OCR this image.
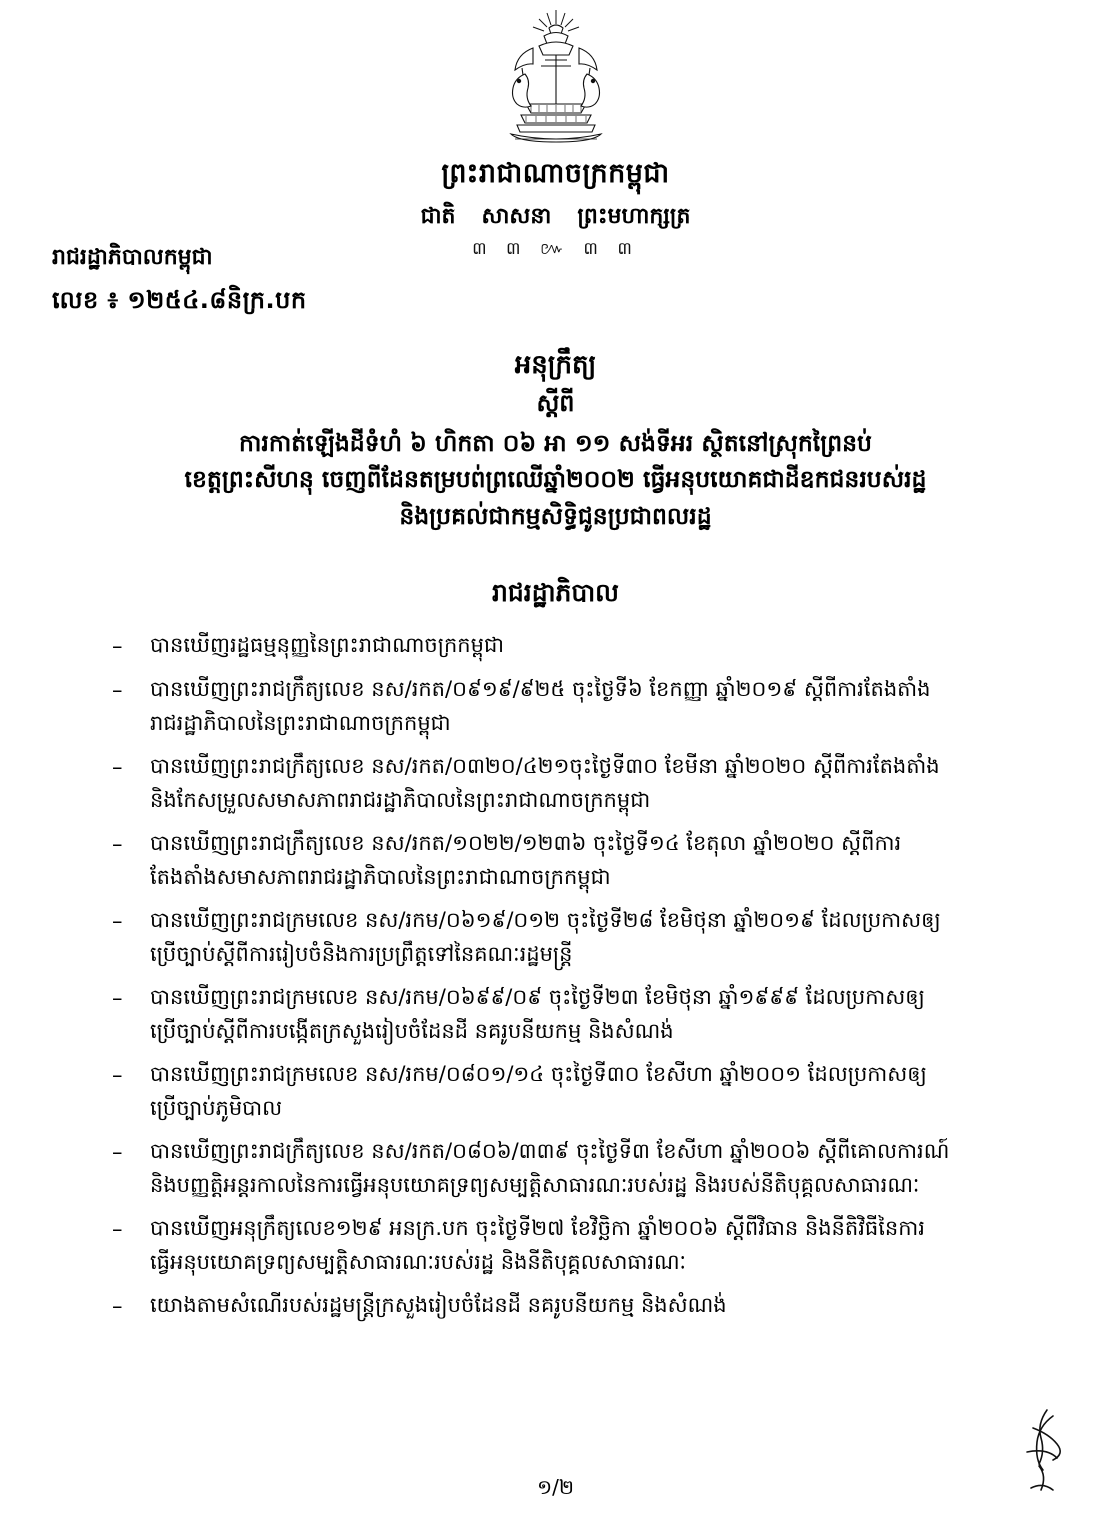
ព្រះរាជាណាចក្រកម្ពុជា
ជាតិ សាសនា ព្រះមហាក្សត្រ
៣ ៣ ៚ ៣ ៣
រាជរដ្ឋាភិបាលកម្ពុជា
លេខ ៖ ១២៥៤.៨និក្រ.បក
អនុក្រឹត្យ
ស្ដីពី
ការកាត់ឡេីងដីទំហំ ៦ ហិកតា ០៦ អា ១១ សង់ទីអរ ស្ថិតនៅស្រុកព្រៃនប់
ខេត្តព្រះសីហនុ ចេញពីដែនតម្របព់ព្រឈេីឆ្នាំ២០០២ ធ្វេីអនុបយោគជាដីឧកជនរបស់រដ្ឋ
និងប្រគល់ជាកម្មសិទ្ធិជូនប្រជាពលរដ្ឋ
រាជរដ្ឋាភិបាល
–	បានឃេីញរដ្ឋធម្មនុញ្ញនៃព្រះរាជាណាចក្រកម្ពុជា
–	បានឃេីញព្រះរាជក្រឹត្យលេខ នស/រកត/០៩១៩/៩២៥ ចុះថ្ងៃទី៦ ខែកញ្ញា ឆ្នាំ២០១៩ ស្ដីពីការតែងតាំង
រាជរដ្ឋាភិបាលនៃព្រះរាជាណាចក្រកម្ពុជា
–	បានឃេីញព្រះរាជក្រឹត្យលេខ នស/រកត/០៣២០/៤២១ចុះថ្ងៃទី៣០ ខែមីនា ឆ្នាំ២០២០ ស្ដីពីការតែងតាំង
និងកែសម្រួលសមាសភាពរាជរដ្ឋាភិបាលនៃព្រះរាជាណាចក្រកម្ពុជា
–	បានឃេីញព្រះរាជក្រឹត្យលេខ នស/រកត/១០២២/១២៣៦ ចុះថ្ងៃទី១៤ ខែតុលា ឆ្នាំ២០២០ ស្ដីពីការ
តែងតាំងសមាសភាពរាជរដ្ឋាភិបាលនៃព្រះរាជាណាចក្រកម្ពុជា
–	បានឃេីញព្រះរាជក្រមលេខ នស/រកម/០៦១៩/០១២ ចុះថ្ងៃទី២៨ ខែមិថុនា ឆ្នាំ២០១៩ ដែលប្រកាសឲ្យ
ប្រើច្បាប់ស្ដីពីការរៀបចំនិងការប្រព្រឹត្តទៅនៃគណៈរដ្ឋមន្ត្រី
–	បានឃេីញព្រះរាជក្រមលេខ នស/រកម/០៦៩៩/០៩ ចុះថ្ងៃទី២៣ ខែមិថុនា ឆ្នាំ១៩៩៩ ដែលប្រកាសឲ្យ
ប្រើច្បាប់ស្ដីពីការបង្កេីតក្រសួងរៀបចំដែនដី នគរូបនីយកម្ម និងសំណង់
–	បានឃេីញព្រះរាជក្រមលេខ នស/រកម/០៨០១/១៤ ចុះថ្ងៃទី៣០ ខែសីហា ឆ្នាំ២០០១ ដែលប្រកាសឲ្យ
ប្រើច្បាប់ភូមិបាល
–	បានឃេីញព្រះរាជក្រឹត្យលេខ នស/រកត/០៨០៦/៣៣៩ ចុះថ្ងៃទី៣ ខែសីហា ឆ្នាំ២០០៦ ស្ដីពីគោលការណ៍
និងបញ្ញត្តិអន្តរកាលនៃការធ្វេីអនុបយោគទ្រព្យសម្បត្តិសាធារណៈរបស់រដ្ឋ និងរបស់នីតិបុគ្គលសាធារណៈ
–	បានឃេីញអនុក្រឹត្យលេខ១២៩ អនក្រ.បក ចុះថ្ងៃទី២៧ ខែវិច្ឆិកា ឆ្នាំ២០០៦ ស្ដីពីវិធាន និងនីតិវិធីនៃការ
ធ្វេីអនុបយោគទ្រព្យសម្បត្តិសាធារណៈរបស់រដ្ឋ និងនីតិបុគ្គលសាធារណៈ
–	យោងតាមសំណេីរបស់រដ្ឋមន្ត្រីក្រសួងរៀបចំដែនដី នគរូបនីយកម្ម និងសំណង់
១/២
